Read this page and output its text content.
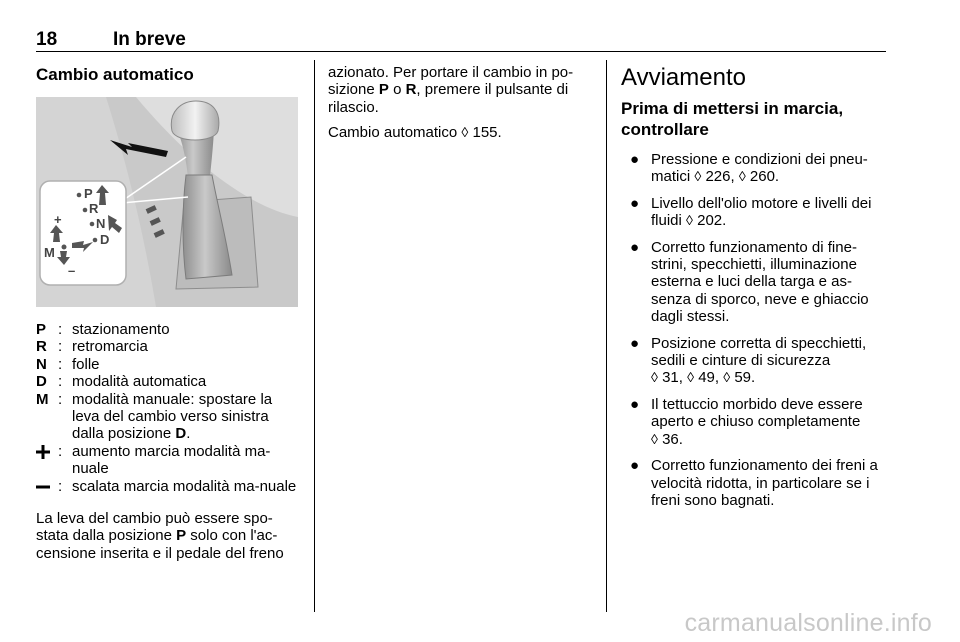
18	In breve
Cambio automatico
P
R
N
D
M
+
–
P : stazionamento
R : retromarcia
N : folle
D : modalità automatica
M : modalità manuale: spostare la leva del cambio verso sinistra dalla posizione D.
: aumento marcia modalità ma-nuale
: scalata marcia modalità ma-nuale

La leva del cambio può essere spo-stata dalla posizione P solo con l'ac-censione inserita e il pedale del freno

azionato. Per portare il cambio in po-sizione P o R, premere il pulsante di rilascio.

Cambio automatico ◊ 155.

Avviamento
Prima di mettersi in marcia, controllare
● Pressione e condizioni dei pneu-matici ◊ 226, ◊ 260.
● Livello dell'olio motore e livelli dei fluidi ◊ 202.
● Corretto funzionamento di fine-strini, specchietti, illuminazione esterna e luci della targa e as-senza di sporco, neve e ghiaccio dagli stessi.
● Posizione corretta di specchietti, sedili e cinture di sicurezza
◊ 31, ◊ 49, ◊ 59.
● Il tettuccio morbido deve essere aperto e chiuso completamente
◊ 36.
● Corretto funzionamento dei freni a velocità ridotta, in particolare se i freni sono bagnati.
carmanualsonline.info
